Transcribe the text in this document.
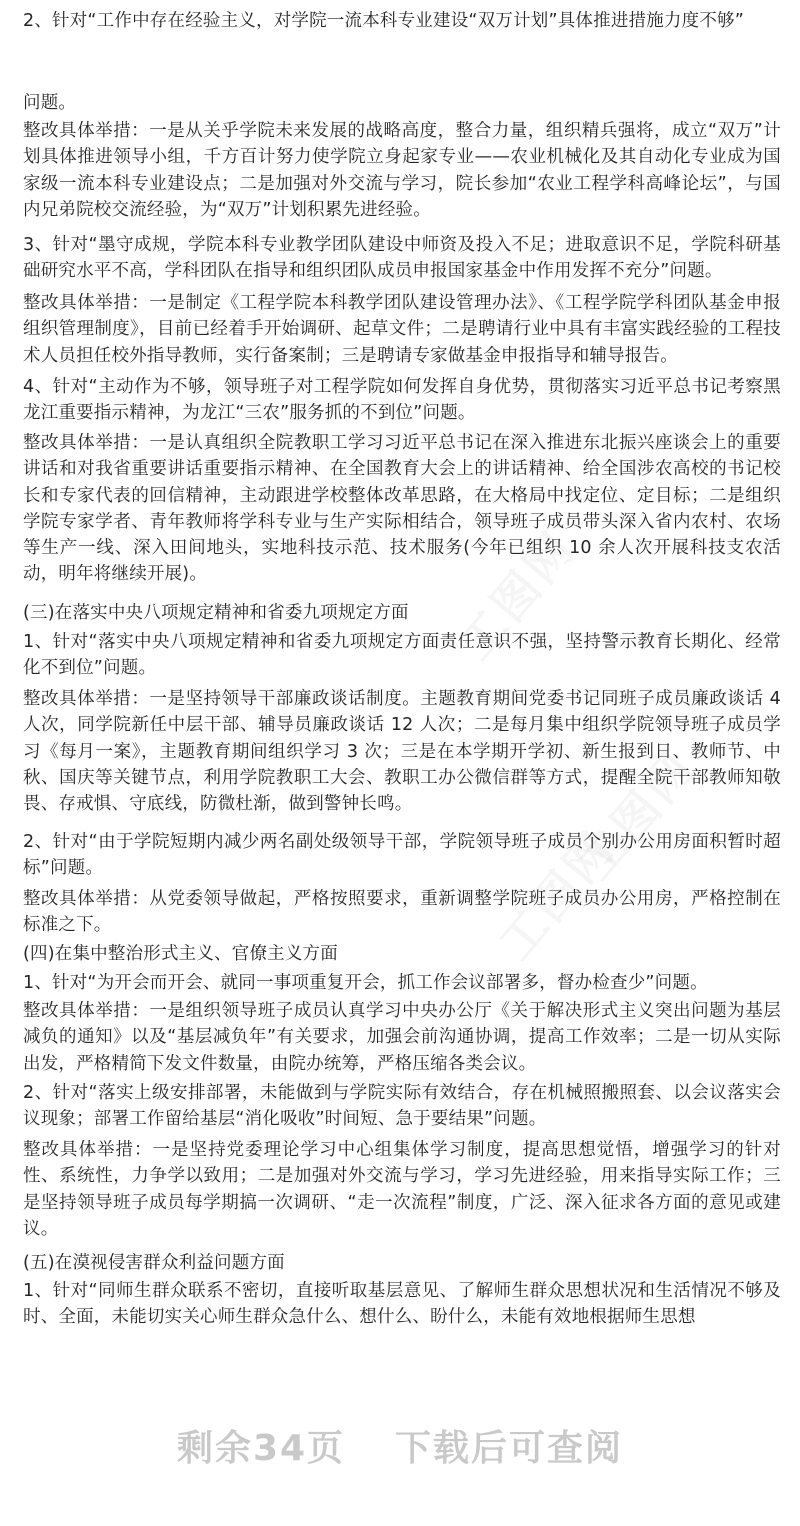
工图网
工图网
工图网

2、针对“工作中存在经验主义，对学院一流本科专业建设“双万计划”具体推进措施力度不够”

问题。

整改具体举措：一是从关乎学院未来发展的战略高度，整合力量，组织精兵强将，成立“双万”计划具体推进领导小组，千方百计努力使学院立身起家专业——农业机械化及其自动化专业成为国家级一流本科专业建设点；二是加强对外交流与学习，院长参加“农业工程学科高峰论坛”，与国内兄弟院校交流经验，为“双万”计划积累先进经验。

3、针对“墨守成规，学院本科专业教学团队建设中师资及投入不足；进取意识不足，学院科研基础研究水平不高，学科团队在指导和组织团队成员申报国家基金中作用发挥不充分”问题。

整改具体举措：一是制定《工程学院本科教学团队建设管理办法》、《工程学院学科团队基金申报组织管理制度》，目前已经着手开始调研、起草文件；二是聘请行业中具有丰富实践经验的工程技术人员担任校外指导教师，实行备案制；三是聘请专家做基金申报指导和辅导报告。

4、针对“主动作为不够，领导班子对工程学院如何发挥自身优势，贯彻落实习近平总书记考察黑龙江重要指示精神，为龙江“三农”服务抓的不到位”问题。

整改具体举措：一是认真组织全院教职工学习习近平总书记在深入推进东北振兴座谈会上的重要讲话和对我省重要讲话重要指示精神、在全国教育大会上的讲话精神、给全国涉农高校的书记校长和专家代表的回信精神，主动跟进学校整体改革思路，在大格局中找定位、定目标；二是组织学院专家学者、青年教师将学科专业与生产实际相结合，领导班子成员带头深入省内农村、农场等生产一线、深入田间地头，实地科技示范、技术服务(今年已组织 10 余人次开展科技支农活动，明年将继续开展)。

(三)在落实中央八项规定精神和省委九项规定方面

1、针对“落实中央八项规定精神和省委九项规定方面责任意识不强，坚持警示教育长期化、经常化不到位”问题。

整改具体举措：一是坚持领导干部廉政谈话制度。主题教育期间党委书记同班子成员廉政谈话 4 人次，同学院新任中层干部、辅导员廉政谈话 12 人次；二是每月集中组织学院领导班子成员学习《每月一案》，主题教育期间组织学习 3 次；三是在本学期开学初、新生报到日、教师节、中秋、国庆等关键节点，利用学院教职工大会、教职工办公微信群等方式，提醒全院干部教师知敬畏、存戒惧、守底线，防微杜渐，做到警钟长鸣。

2、针对“由于学院短期内减少两名副处级领导干部，学院领导班子成员个别办公用房面积暂时超标”问题。

整改具体举措：从党委领导做起，严格按照要求，重新调整学院班子成员办公用房，严格控制在标准之下。

(四)在集中整治形式主义、官僚主义方面

1、针对“为开会而开会、就同一事项重复开会，抓工作会议部署多，督办检查少”问题。

整改具体举措：一是组织领导班子成员认真学习中央办公厅《关于解决形式主义突出问题为基层减负的通知》以及“基层减负年”有关要求，加强会前沟通协调，提高工作效率；二是一切从实际出发，严格精简下发文件数量，由院办统筹，严格压缩各类会议。

2、针对“落实上级安排部署，未能做到与学院实际有效结合，存在机械照搬照套、以会议落实会议现象；部署工作留给基层“消化吸收”时间短、急于要结果”问题。

整改具体举措：一是坚持党委理论学习中心组集体学习制度，提高思想觉悟，增强学习的针对性、系统性，力争学以致用；二是加强对外交流与学习，学习先进经验，用来指导实际工作；三是坚持领导班子成员每学期搞一次调研、“走一次流程”制度，广泛、深入征求各方面的意见或建议。

(五)在漠视侵害群众利益问题方面

1、针对“同师生群众联系不密切，直接听取基层意见、了解师生群众思想状况和生活情况不够及时、全面，未能切实关心师生群众急什么、想什么、盼什么，未能有效地根据师生思想

剩余34页 下载后可查阅
